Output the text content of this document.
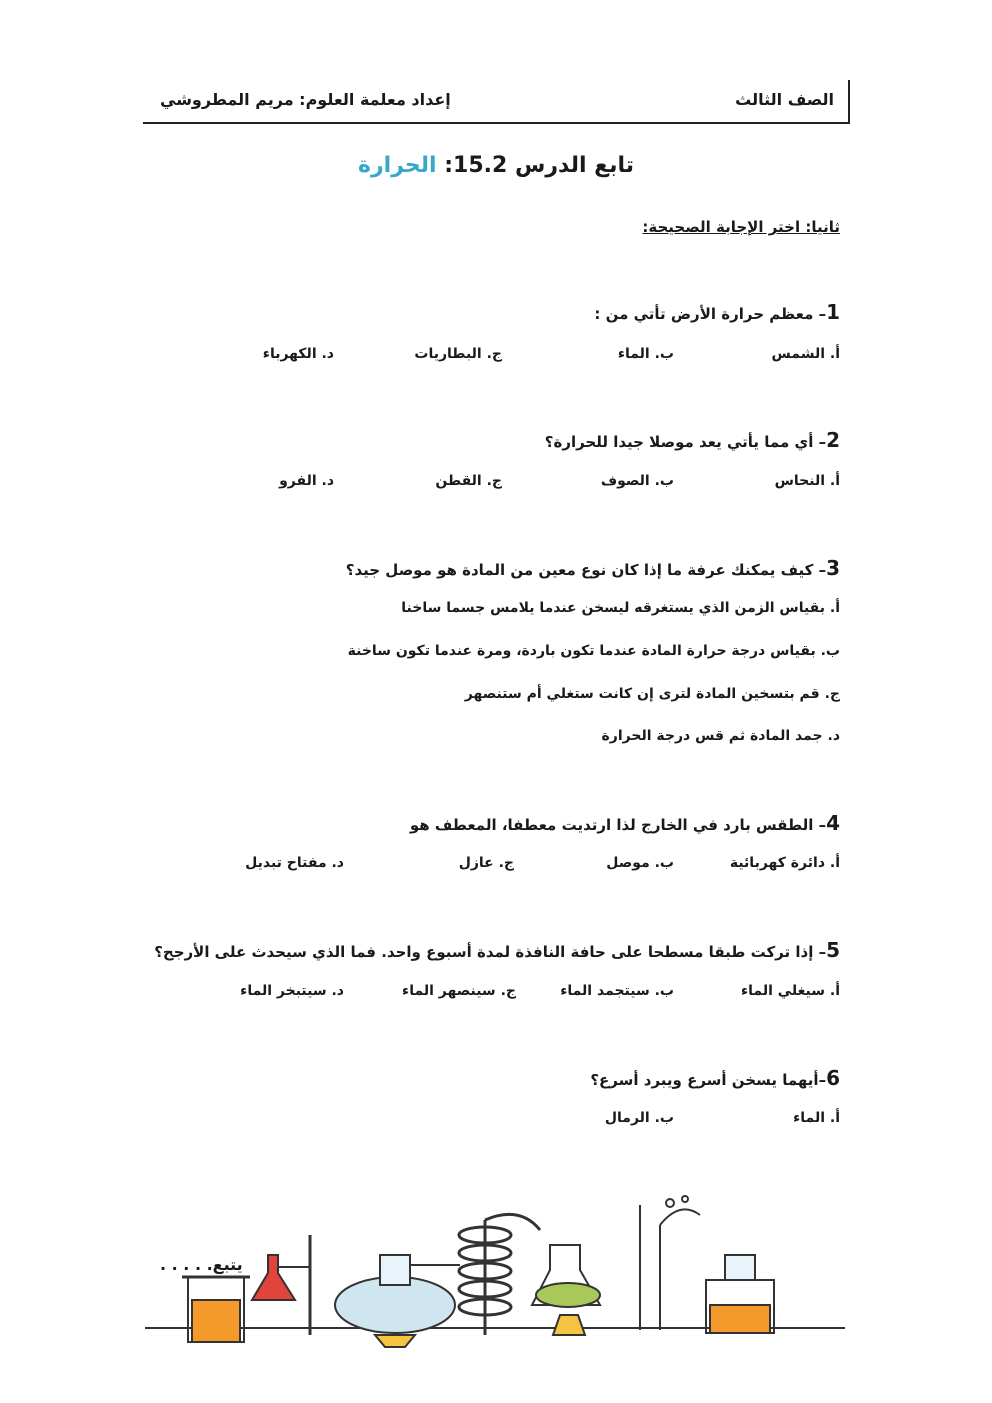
الصف الثالث
إعداد معلمة العلوم: مريم المطروشي
تابع الدرس 15.2: الحرارة
ثانيا: اختر الإجابة الصحيحة:
1– معظم حرارة الأرض تأتي من :
أ. الشمس
ب. الماء
ج. البطاريات
د. الكهرباء
2– أي مما يأتي يعد موصلا جيدا للحرارة؟
أ. النحاس
ب. الصوف
ج. القطن
د. الفرو
3– كيف يمكنك عرفة ما إذا كان نوع معين من المادة هو موصل جيد؟
أ. بقياس الزمن الذي يستغرقه ليسخن عندما يلامس جسما ساخنا
ب. بقياس درجة حرارة المادة عندما تكون باردة، ومرة عندما تكون ساخنة
ج. قم بتسخين المادة لترى إن كانت ستغلي أم ستنصهر
د. جمد المادة ثم قس درجة الحرارة
4– الطقس بارد في الخارج لذا ارتديت معطفا، المعطف هو
أ. دائرة كهربائية
ب. موصل
ج. عازل
د. مفتاح تبديل
5– إذا تركت طبقا مسطحا على حافة النافذة لمدة أسبوع واحد. فما الذي سيحدث على الأرجح؟
أ. سيغلي الماء
ب. سيتجمد الماء
ج. سينصهر الماء
د. سيتبخر الماء
6–أيهما يسخن أسرع ويبرد أسرع؟
أ. الماء
ب. الرمال
يتبع. . . . .
